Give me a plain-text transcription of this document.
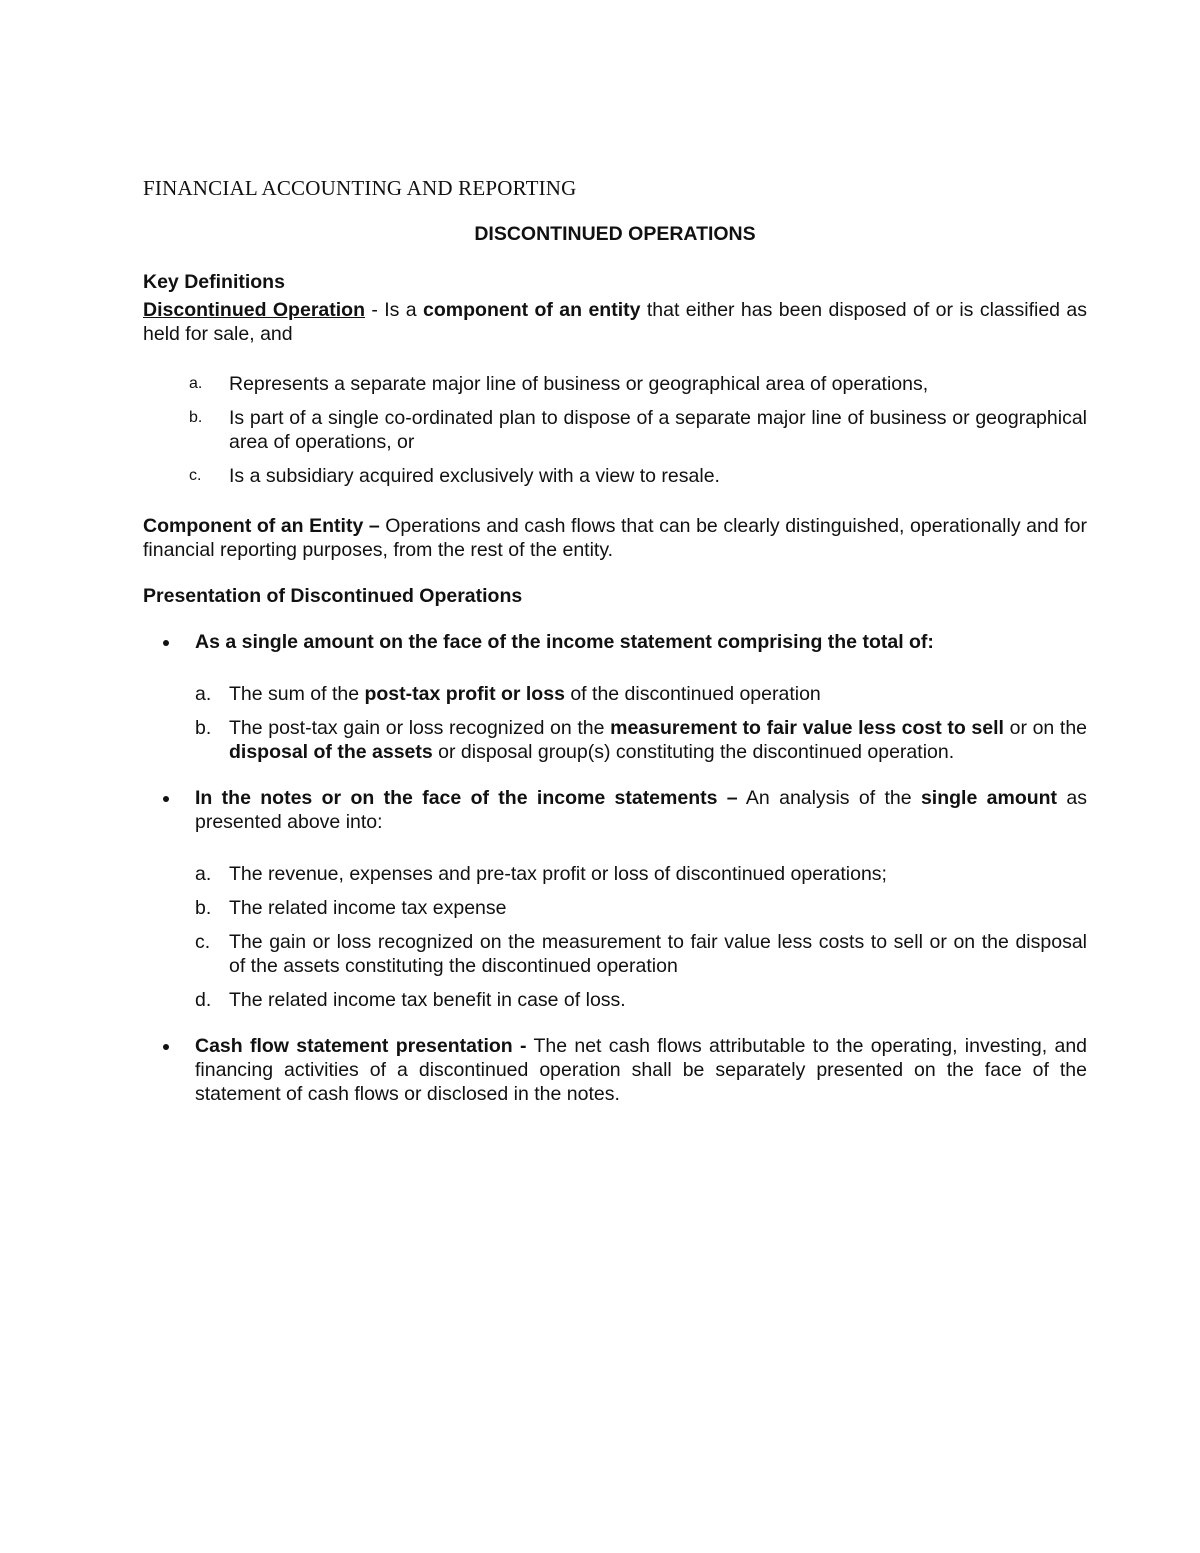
FINANCIAL ACCOUNTING AND REPORTING
DISCONTINUED OPERATIONS
Key Definitions

Discontinued Operation - Is a component of an entity that either has been disposed of or is classified as held for sale, and

a. Represents a separate major line of business or geographical area of operations,
b. Is part of a single co-ordinated plan to dispose of a separate major line of business or geographical area of operations, or
c. Is a subsidiary acquired exclusively with a view to resale.

Component of an Entity – Operations and cash flows that can be clearly distinguished, operationally and for financial reporting purposes, from the rest of the entity.

Presentation of Discontinued Operations
As a single amount on the face of the income statement comprising the total of:
a. The sum of the post-tax profit or loss of the discontinued operation
b. The post-tax gain or loss recognized on the measurement to fair value less cost to sell or on the disposal of the assets or disposal group(s) constituting the discontinued operation.
In the notes or on the face of the income statements – An analysis of the single amount as presented above into:
a. The revenue, expenses and pre-tax profit or loss of discontinued operations;
b. The related income tax expense
c. The gain or loss recognized on the measurement to fair value less costs to sell or on the disposal of the assets constituting the discontinued operation
d. The related income tax benefit in case of loss.
Cash flow statement presentation - The net cash flows attributable to the operating, investing, and financing activities of a discontinued operation shall be separately presented on the face of the statement of cash flows or disclosed in the notes.
